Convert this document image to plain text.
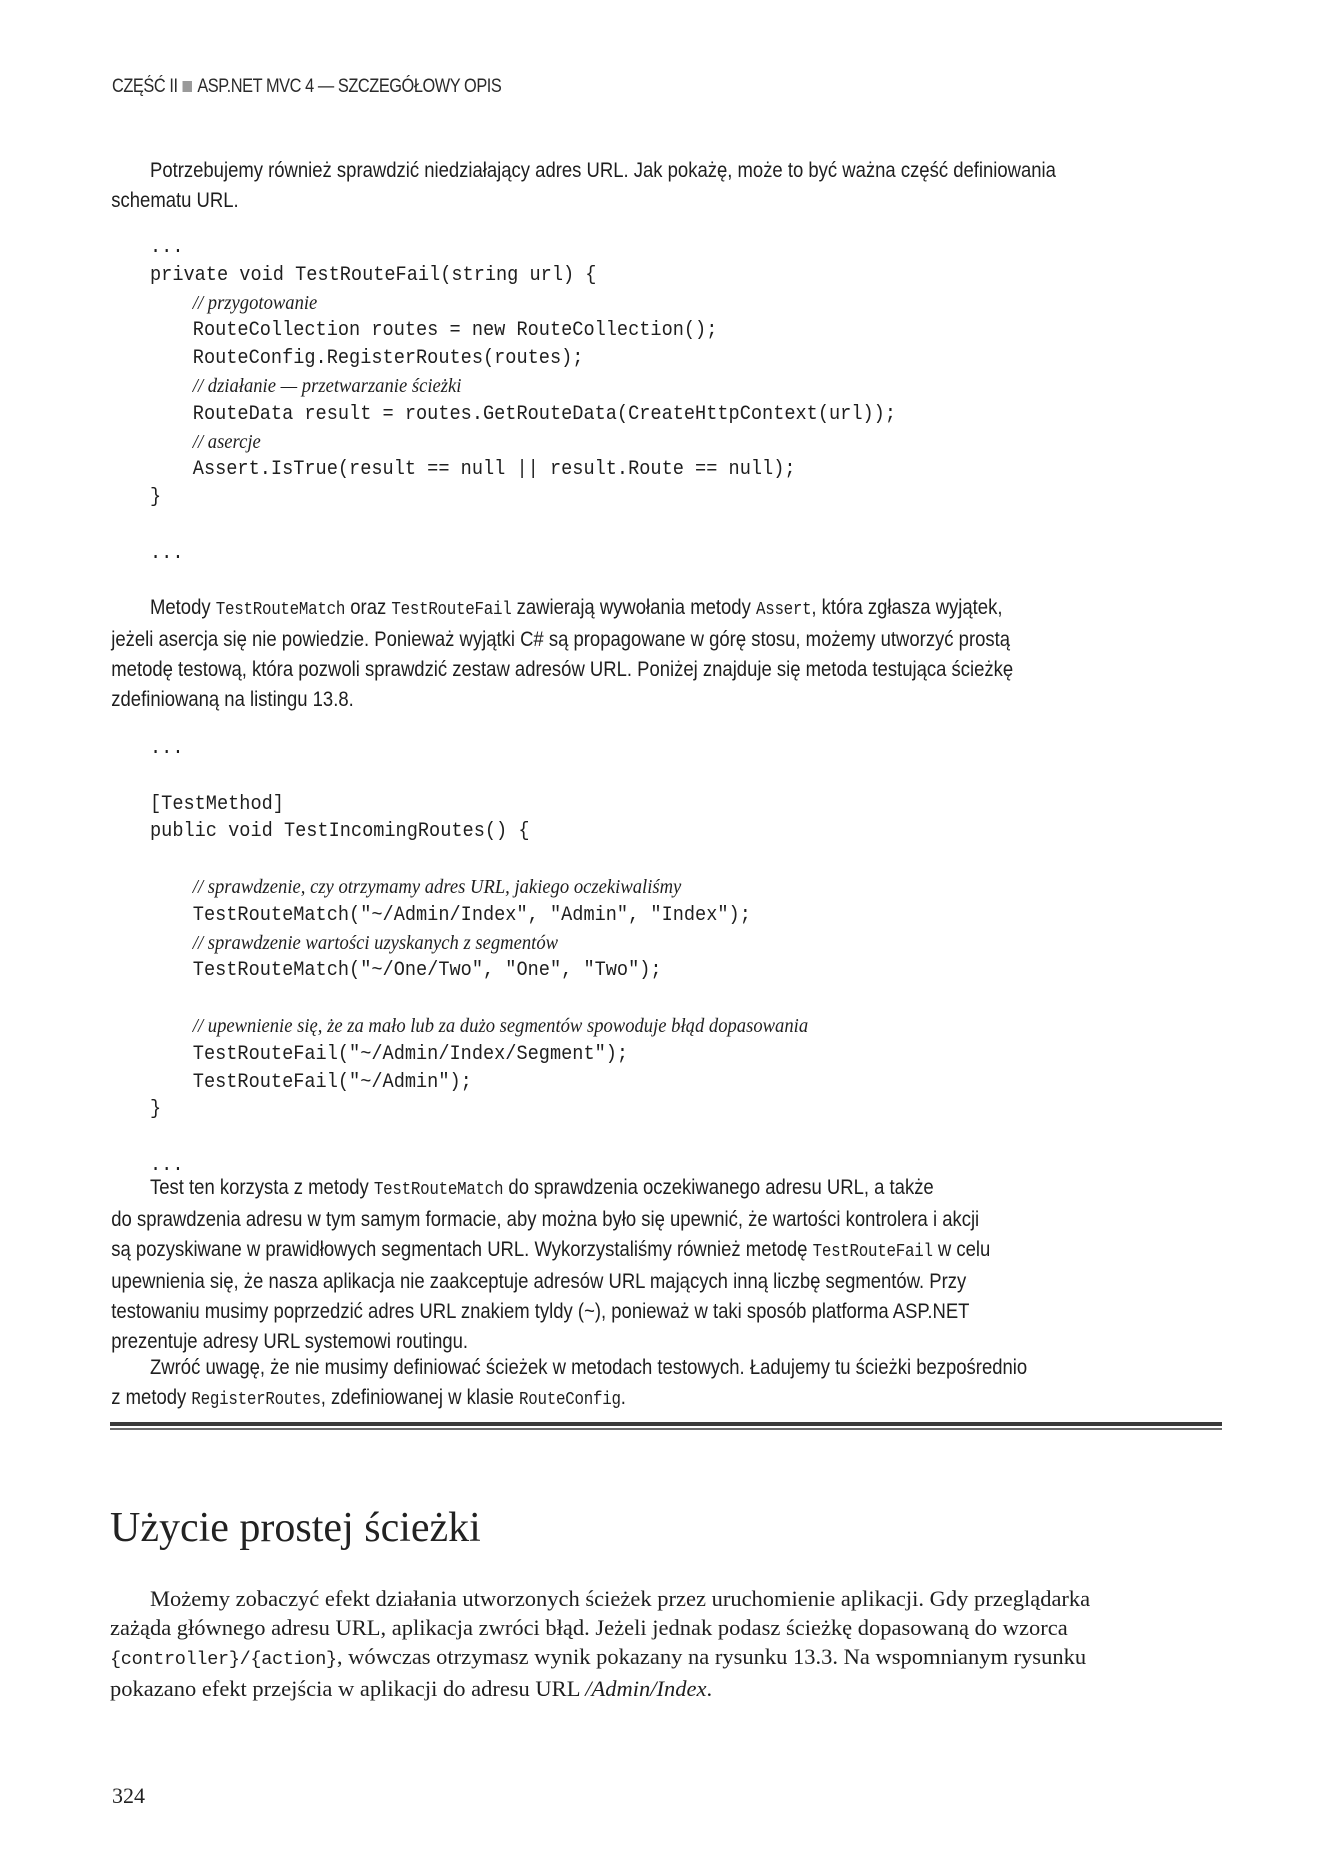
CZĘŚĆ II ASP.NET MVC 4 — SZCZEGÓŁOWY OPIS
Potrzebujemy również sprawdzić niedziałający adres URL. Jak pokażę, może to być ważna część definiowania
schematu URL.
...
private void TestRouteFail(string url) {
// przygotowanie
RouteCollection routes = new RouteCollection();
RouteConfig.RegisterRoutes(routes);
// działanie — przetwarzanie ścieżki
RouteData result = routes.GetRouteData(CreateHttpContext(url));
// asercje
Assert.IsTrue(result == null || result.Route == null);
}
...
Metody TestRouteMatch oraz TestRouteFail zawierają wywołania metody Assert, która zgłasza wyjątek,
jeżeli asercja się nie powiedzie. Ponieważ wyjątki C# są propagowane w górę stosu, możemy utworzyć prostą
metodę testową, która pozwoli sprawdzić zestaw adresów URL. Poniżej znajduje się metoda testująca ścieżkę
zdefiniowaną na listingu 13.8.
...
[TestMethod]
public void TestIncomingRoutes() {
// sprawdzenie, czy otrzymamy adres URL, jakiego oczekiwaliśmy
TestRouteMatch("~/Admin/Index", "Admin", "Index");
// sprawdzenie wartości uzyskanych z segmentów
TestRouteMatch("~/One/Two", "One", "Two");
// upewnienie się, że za mało lub za dużo segmentów spowoduje błąd dopasowania
TestRouteFail("~/Admin/Index/Segment");
TestRouteFail("~/Admin");
}
...
Test ten korzysta z metody TestRouteMatch do sprawdzenia oczekiwanego adresu URL, a także
do sprawdzenia adresu w tym samym formacie, aby można było się upewnić, że wartości kontrolera i akcji
są pozyskiwane w prawidłowych segmentach URL. Wykorzystaliśmy również metodę TestRouteFail w celu
upewnienia się, że nasza aplikacja nie zaakceptuje adresów URL mających inną liczbę segmentów. Przy
testowaniu musimy poprzedzić adres URL znakiem tyldy (~), ponieważ w taki sposób platforma ASP.NET
prezentuje adresy URL systemowi routingu.
Zwróć uwagę, że nie musimy definiować ścieżek w metodach testowych. Ładujemy tu ścieżki bezpośrednio
z metody RegisterRoutes, zdefiniowanej w klasie RouteConfig.
Użycie prostej ścieżki
Możemy zobaczyć efekt działania utworzonych ścieżek przez uruchomienie aplikacji. Gdy przeglądarka
zażąda głównego adresu URL, aplikacja zwróci błąd. Jeżeli jednak podasz ścieżkę dopasowaną do wzorca
{controller}/{action}, wówczas otrzymasz wynik pokazany na rysunku 13.3. Na wspomnianym rysunku
pokazano efekt przejścia w aplikacji do adresu URL /Admin/Index.
324
